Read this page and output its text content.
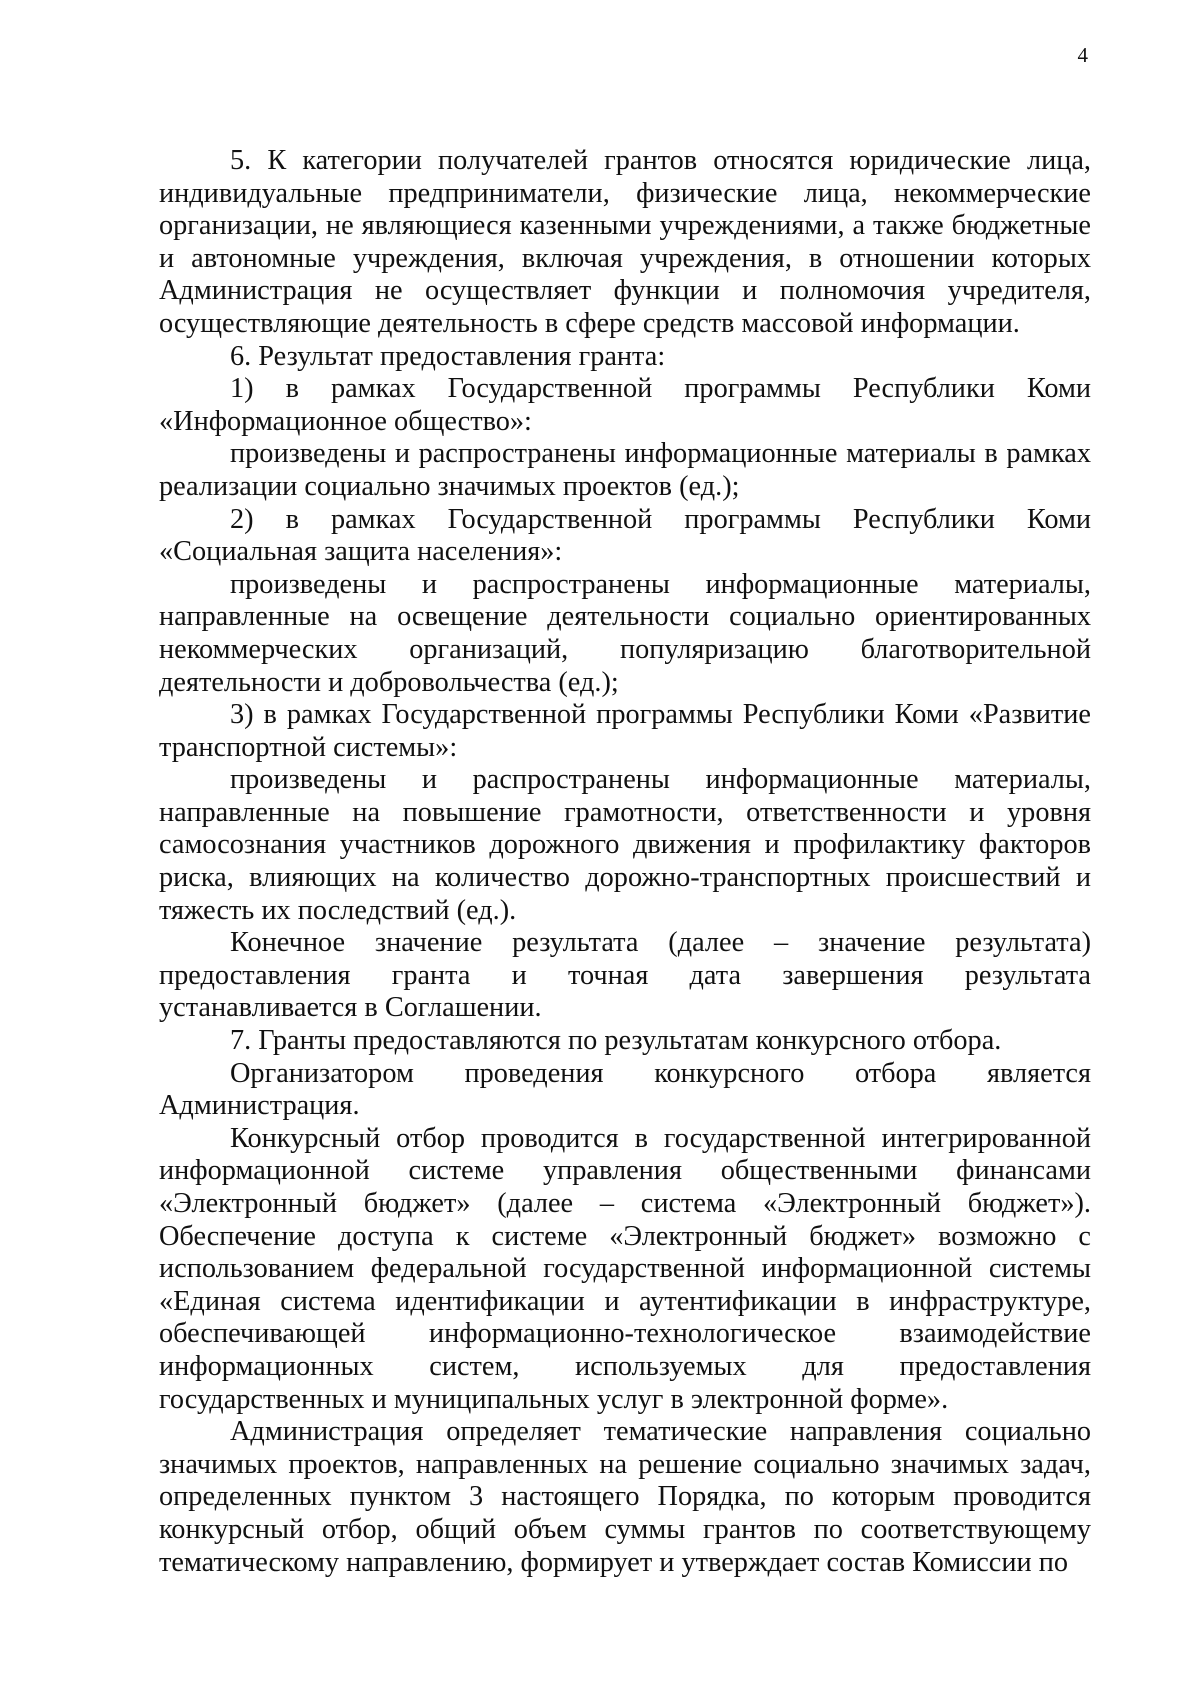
4

5. К категории получателей грантов относятся юридические лица, индивидуальные предприниматели, физические лица, некоммерческие организации, не являющиеся казенными учреждениями, а также бюджетные и автономные учреждения, включая учреждения, в отношении которых Администрация не осуществляет функции и полномочия учредителя, осуществляющие деятельность в сфере средств массовой информации.

6. Результат предоставления гранта:

1) в рамках Государственной программы Республики Коми «Информационное общество»:

произведены и распространены информационные материалы в рамках реализации социально значимых проектов (ед.);

2) в рамках Государственной программы Республики Коми «Социальная защита населения»:

произведены и распространены информационные материалы, направленные на освещение деятельности социально ориентированных некоммерческих организаций, популяризацию благотворительной деятельности и добровольчества (ед.);

3) в рамках Государственной программы Республики Коми «Развитие транспортной системы»:

произведены и распространены информационные материалы, направленные на повышение грамотности, ответственности и уровня самосознания участников дорожного движения и профилактику факторов риска, влияющих на количество дорожно-транспортных происшествий и тяжесть их последствий (ед.).

Конечное значение результата (далее – значение результата) предоставления гранта и точная дата завершения результата устанавливается в Соглашении.

7. Гранты предоставляются по результатам конкурсного отбора.

Организатором проведения конкурсного отбора является Администрация.

Конкурсный отбор проводится в государственной интегрированной информационной системе управления общественными финансами «Электронный бюджет» (далее – система «Электронный бюджет»). Обеспечение доступа к системе «Электронный бюджет» возможно с использованием федеральной государственной информационной системы «Единая система идентификации и аутентификации в инфраструктуре, обеспечивающей информационно-технологическое взаимодействие информационных систем, используемых для предоставления государственных и муниципальных услуг в электронной форме».

Администрация определяет тематические направления социально значимых проектов, направленных на решение социально значимых задач, определенных пунктом 3 настоящего Порядка, по которым проводится конкурсный отбор, общий объем суммы грантов по соответствующему тематическому направлению, формирует и утверждает состав Комиссии по
